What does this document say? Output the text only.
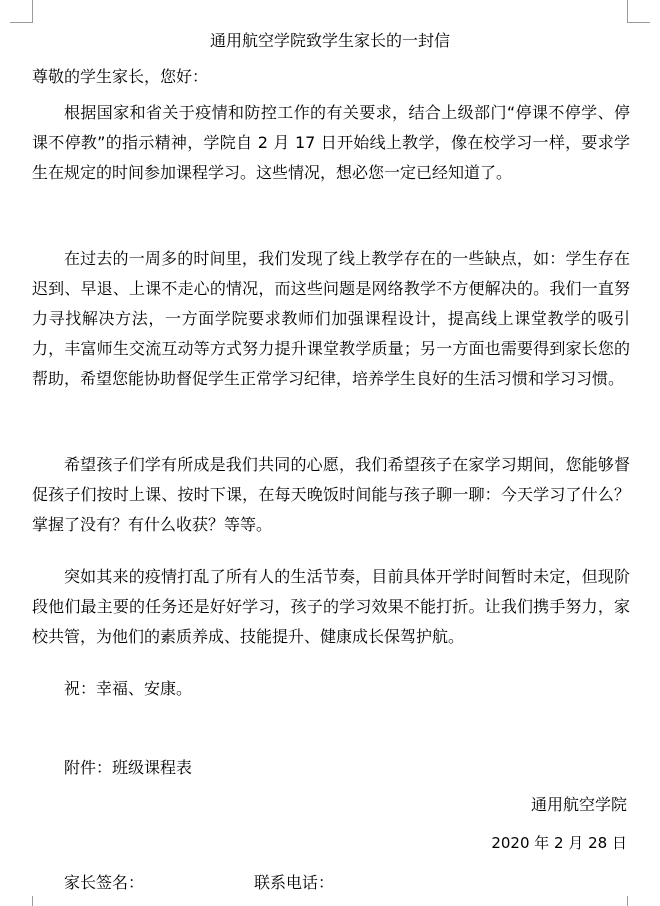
通用航空学院致学生家长的一封信
尊敬的学生家长，您好：
根据国家和省关于疫情和防控工作的有关要求，结合上级部门“停课不停学、停课不停教”的指示精神，学院自 2 月 17 日开始线上教学，像在校学习一样，要求学生在规定的时间参加课程学习。这些情况，想必您一定已经知道了。
在过去的一周多的时间里，我们发现了线上教学存在的一些缺点，如：学生存在迟到、早退、上课不走心的情况，而这些问题是网络教学不方便解决的。我们一直努力寻找解决方法，一方面学院要求教师们加强课程设计，提高线上课堂教学的吸引力，丰富师生交流互动等方式努力提升课堂教学质量；另一方面也需要得到家长您的帮助，希望您能协助督促学生正常学习纪律，培养学生良好的生活习惯和学习习惯。
希望孩子们学有所成是我们共同的心愿，我们希望孩子在家学习期间，您能够督促孩子们按时上课、按时下课，在每天晚饭时间能与孩子聊一聊：今天学习了什么？掌握了没有？有什么收获？等等。
突如其来的疫情打乱了所有人的生活节奏，目前具体开学时间暂时未定，但现阶段他们最主要的任务还是好好学习，孩子的学习效果不能打折。让我们携手努力，家校共管，为他们的素质养成、技能提升、健康成长保驾护航。
祝：幸福、安康。
附件：班级课程表
通用航空学院
2020 年 2 月 28 日
家长签名：	联系电话：
